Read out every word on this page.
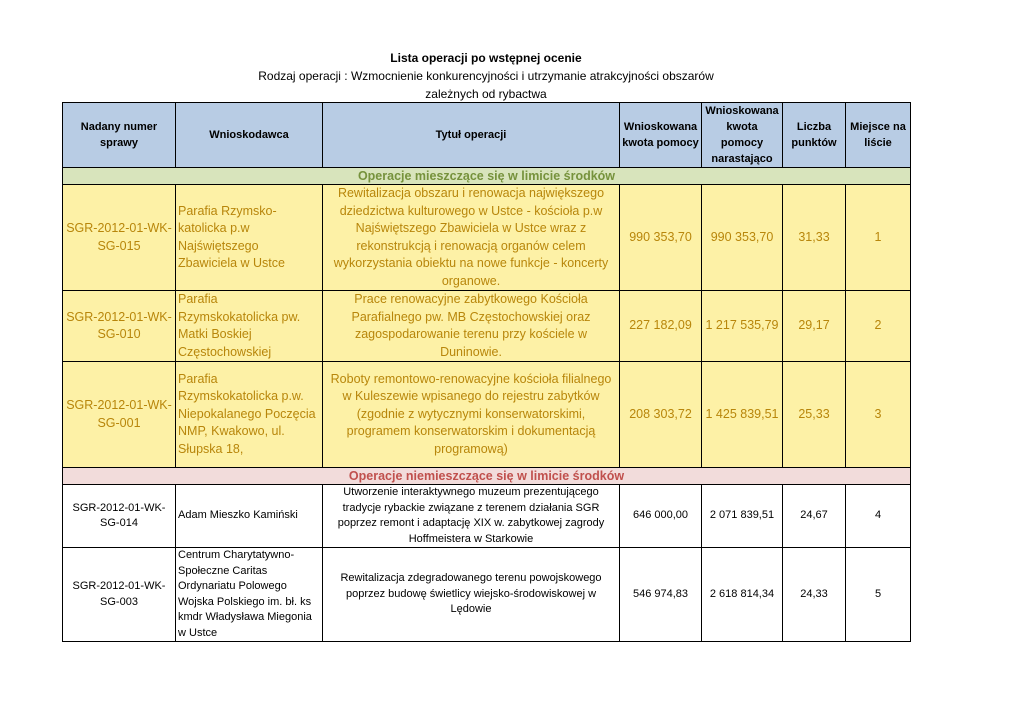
Lista operacji po wstępnej ocenie
Rodzaj operacji : Wzmocnienie konkurencyjności i utrzymanie atrakcyjności obszarów
zależnych od rybactwa
Nadany numer sprawy	Wnioskodawca	Tytuł operacji	Wnioskowana kwota pomocy	Wnioskowana kwota pomocy narastająco	Liczba punktów	Miejsce na liście
Operacje mieszczące się w limicie środków						
SGR-2012-01-WK-SG-015	Parafia Rzymsko-katolicka p.w Najświętszego Zbawiciela w Ustce	Rewitalizacja obszaru i renowacja największego dziedzictwa kulturowego w Ustce - kościoła p.w Najświętszego Zbawiciela w Ustce wraz z rekonstrukcją i renowacją organów celem wykorzystania obiektu na nowe funkcje - koncerty organowe.	990 353,70	990 353,70	31,33	1
SGR-2012-01-WK-SG-010	Parafia Rzymskokatolicka pw. Matki Boskiej Częstochowskiej	Prace renowacyjne zabytkowego Kościoła Parafialnego pw. MB Częstochowskiej oraz zagospodarowanie terenu przy kościele w Duninowie.	227 182,09	1 217 535,79	29,17	2
SGR-2012-01-WK-SG-001	Parafia Rzymskokatolicka p.w. Niepokalanego Poczęcia NMP, Kwakowo, ul. Słupska 18,	Roboty remontowo-renowacyjne kościoła filialnego w Kuleszewie wpisanego do rejestru zabytków (zgodnie z wytycznymi konserwatorskimi, programem konserwatorskim i dokumentacją programową)	208 303,72	1 425 839,51	25,33	3
Operacje niemieszczące się w limicie środków						
SGR-2012-01-WK-SG-014	Adam Mieszko Kamiński	Utworzenie interaktywnego muzeum prezentującego tradycje rybackie związane z terenem działania SGR poprzez remont i adaptację XIX w. zabytkowej zagrody Hoffmeistera w Starkowie	646 000,00	2 071 839,51	24,67	4
SGR-2012-01-WK-SG-003	Centrum Charytatywno-Społeczne Caritas Ordynariatu Polowego Wojska Polskiego im. bł. ks kmdr Władysława Miegonia w Ustce	Rewitalizacja zdegradowanego terenu powojskowego poprzez budowę świetlicy wiejsko-środowiskowej w Lędowie	546 974,83	2 618 814,34	24,33	5
